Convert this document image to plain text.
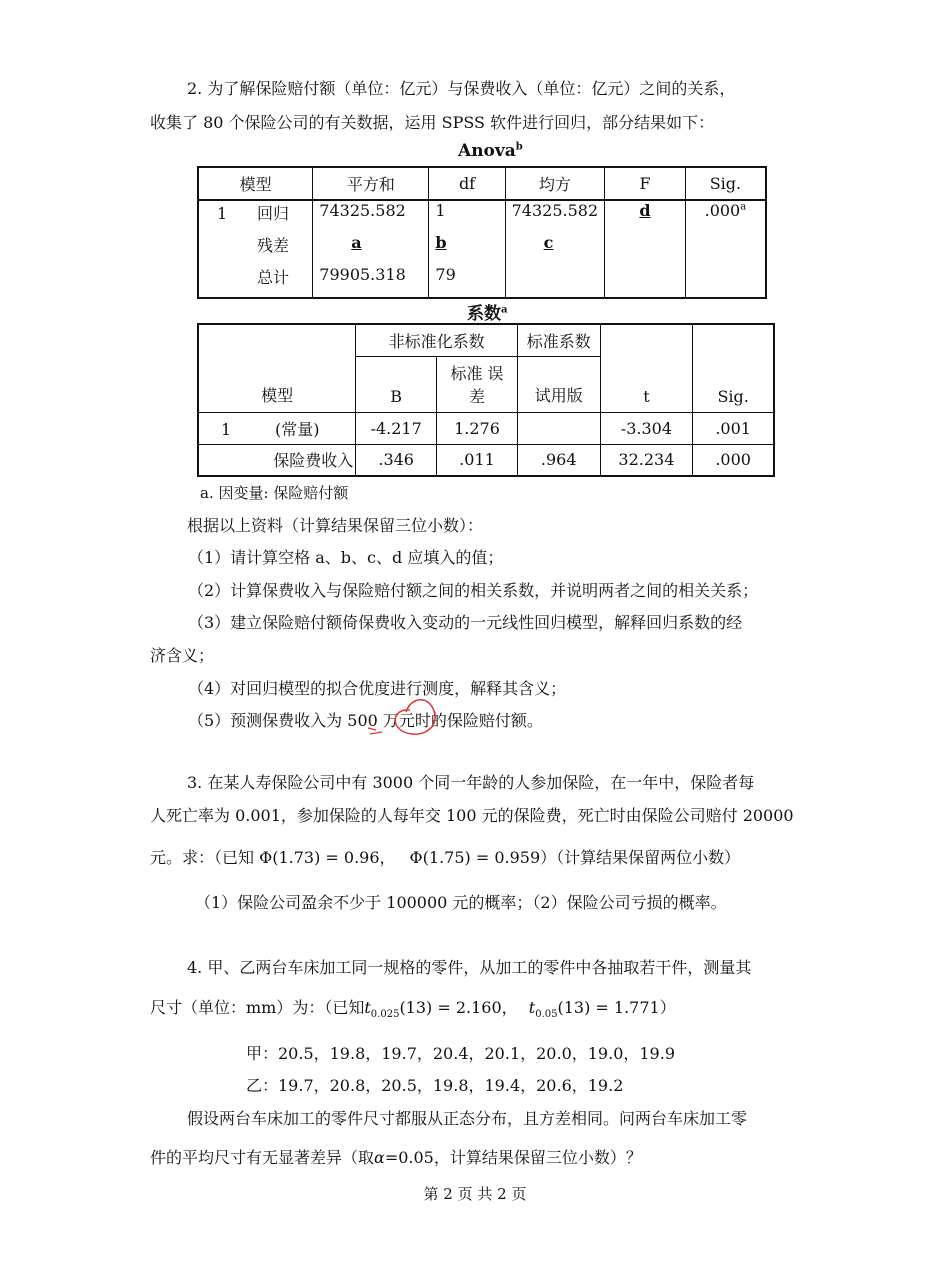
2. 为了解保险赔付额（单位：亿元）与保费收入（单位：亿元）之间的关系，
收集了 80 个保险公司的有关数据，运用 SPSS 软件进行回归，部分结果如下：
Anova$^b$
模型	平方和	df	均方	F	Sig.
1 回归	74325.582	1	74325.582	d	.000$^a$
残差	a	b	c		
总计	79905.318	79			
系数$^a$
模型	非标准化系数		标准系数	t	Sig.
	B	标准 误差	试用版		
1 (常量)	-4.217	1.276		-3.304	.001
保险费收入	.346	.011	.964	32.234	.000
a. 因变量: 保险赔付额
根据以上资料（计算结果保留三位小数）：
（1）请计算空格 a、b、c、d 应填入的值；
（2）计算保费收入与保险赔付额之间的相关系数，并说明两者之间的相关关系；
（3）建立保险赔付额倚保费收入变动的一元线性回归模型，解释回归系数的经
济含义；
（4）对回归模型的拟合优度进行测度，解释其含义；
（5）预测保费收入为 500 万元时的保险赔付额。
3. 在某人寿保险公司中有 3000 个同一年龄的人参加保险，在一年中，保险者每
人死亡率为 0.001，参加保险的人每年交 100 元的保险费，死亡时由保险公司赔付 20000
元。求：（已知 Φ(1.73) = 0.96， Φ(1.75) = 0.959）（计算结果保留两位小数）
（1）保险公司盈余不少于 100000 元的概率；（2）保险公司亏损的概率。
4. 甲、乙两台车床加工同一规格的零件，从加工的零件中各抽取若干件，测量其
尺寸（单位：mm）为：（已知$t_{0.025}(13) = 2.160$， $t_{0.05}(13) = 1.771$）
甲：20.5，19.8，19.7，20.4，20.1，20.0，19.0，19.9
乙：19.7，20.8，20.5，19.8，19.4，20.6，19.2
假设两台车床加工的零件尺寸都服从正态分布，且方差相同。问两台车床加工零
件的平均尺寸有无显著差异（取α=0.05，计算结果保留三位小数）？
第 2 页 共 2 页
